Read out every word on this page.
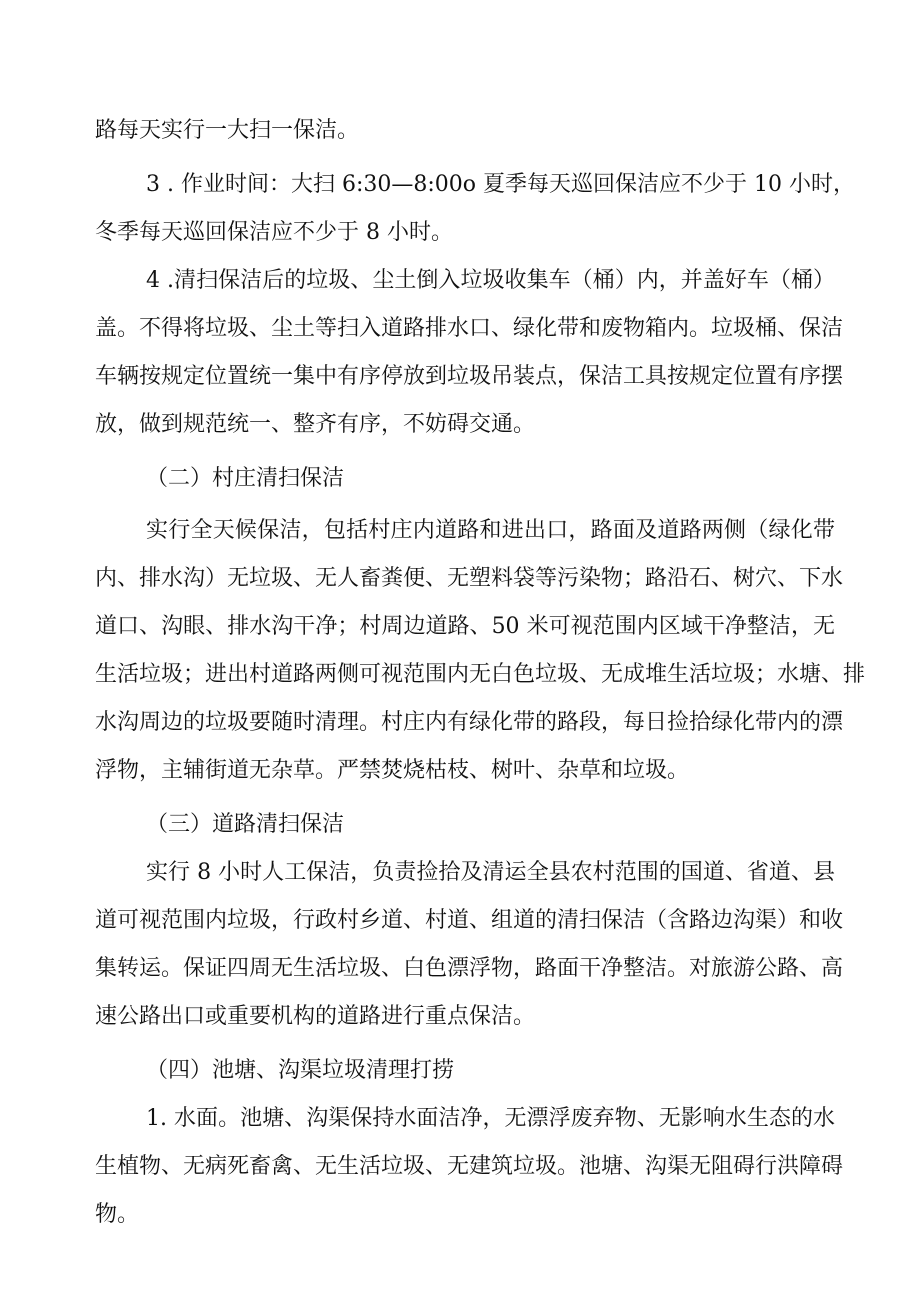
路每天实行一大扫一保洁。
3 . 作业时间：大扫 6:30—8:00o 夏季每天巡回保洁应不少于 10 小时，
冬季每天巡回保洁应不少于 8 小时。
4 .清扫保洁后的垃圾、尘土倒入垃圾收集车（桶）内，并盖好车（桶）
盖。不得将垃圾、尘土等扫入道路排水口、绿化带和废物箱内。垃圾桶、保洁
车辆按规定位置统一集中有序停放到垃圾吊装点，保洁工具按规定位置有序摆
放，做到规范统一、整齐有序，不妨碍交通。
（二）村庄清扫保洁
实行全天候保洁，包括村庄内道路和进出口，路面及道路两侧（绿化带
内、排水沟）无垃圾、无人畜粪便、无塑料袋等污染物；路沿石、树穴、下水
道口、沟眼、排水沟干净；村周边道路、50 米可视范围内区域干净整洁，无
生活垃圾；进出村道路两侧可视范围内无白色垃圾、无成堆生活垃圾；水塘、排
水沟周边的垃圾要随时清理。村庄内有绿化带的路段，每日捡拾绿化带内的漂
浮物，主辅街道无杂草。严禁焚烧枯枝、树叶、杂草和垃圾。
（三）道路清扫保洁
实行 8 小时人工保洁，负责捡拾及清运全县农村范围的国道、省道、县
道可视范围内垃圾，行政村乡道、村道、组道的清扫保洁（含路边沟渠）和收
集转运。保证四周无生活垃圾、白色漂浮物，路面干净整洁。对旅游公路、高
速公路出口或重要机构的道路进行重点保洁。
（四）池塘、沟渠垃圾清理打捞
1. 水面。池塘、沟渠保持水面洁净，无漂浮废弃物、无影响水生态的水
生植物、无病死畜禽、无生活垃圾、无建筑垃圾。池塘、沟渠无阻碍行洪障碍
物。
